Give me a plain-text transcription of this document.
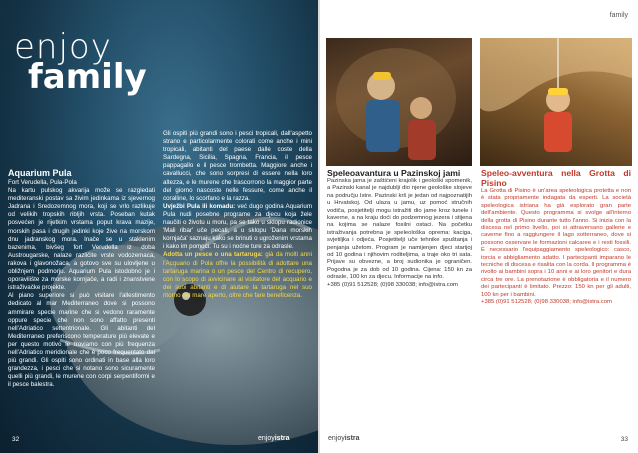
enjoy
family
Aquarium Pula
Fort Verudella, Pula-Pola
Na kartu pulskog akvarija može se razgledati mediteranski postav sa živim jedinkama iz sjevernog Jadrana i Sredozemnog mora, koji se vrlo razlikuje od velikih tropskih ribljih vrsta. Poseban kutak posvećen je rijetkim vrstama poput krava mazije, morskih pasa i drugih jedinki koje žive na morskom dnu jadranskog mora. Inače se u staklenim bazenima, bivšeg fort Verudella iz doba Austrougarske, nalaze različite vrste vodozemaca, rakova i glavonožaca, a gotovo sve su ulovljene u obližnjem podmorju. Aquarium Pula istodobno je i oporavilište za morske kornjače, a radi i znanstvene istraživačke projekte.
Al piano superiore si può visitare l'allestimento dedicato al mar Mediterraneo dove si possono ammirare specie marine che si vedono raramente oppure specie che non sono affatto presenti nell'Adriatico settentrionale. Gli abitanti del Mediterraneo preferiscono temperature più elevate e per questo motivo le troviamo con più frequenza nell'Adriatico meridionale che è poco frequentato dai più grandi. Gli ospiti sono ordinati in base alla loro grandezza, i pesci che si notano sono sicuramente quelli più grandi, le murene con corpi serpentiformi e il pesce balestra.
Gli ospiti più grandi sono i pesci tropicali, dall'aspetto strano e particolarmente colorati come anche i mini tropicali, abitanti del paese dalle coste della Sardegna, Sicilia, Spagna, Francia, il pesce pappagallo e il pesce trombetta. Maggiore anche i cavallucci, che sono sorpresi di essere nella loro altezza, e le murene che trascorrono la maggior parte del giorno nascoste nelle fessure, come anche il coralline, lo scorfano e la razza.
Uvježbi Pula ili komadu: već dugo godina Aquarium Pula nudi posebne programe za djecu koja žele naučiti o životu u moru, pa se tako u sklopu radionice 'Mali ribar' uče pecati, a u sklopu 'Dana morskih kornjača' saznaju kako se brinuti o ugroženim vrstama i kako im pomoći. Tu su i noćne ture za odrasle.
Adotta un pesce o una tartaruga: già da molti anni l'Acquario di Pola offre la possibilità di adottare una tartaruga marina o un pesce del Centro di recupero, con lo scopo di avvicinare al visitatore del acquario e dei suoi abitanti e di aiutare la tartaruga nel suo ritorno nel mare aperto, oltre che fare beneficenza.
32	enjoyistra
family
Speleoavantura u Pazinskoj jami
Pazinska jama je zaštićeni krajolik i geološki spomenik, a Pazinski kanal je najdublji dio njene geološke slojeve na području Istre. Pazinski krš je jedan od najpoznatijih u Hrvatskoj. Od ulaza u jamu, uz pomoć stručnih vodiča, posjetitelji mogu istražiti dio jame kroz tunele i kaverne, a na kraju doći do podzemnog jezera i stijena na kojima se nalaze fosilni ostaci. Na početku istraživanja potrebna je speleološka oprema: kaciga, svjetiljka i odjeća. Posjetitelji uče tehnike spuštanja i penjanja užetom. Program je namijenjen djeci starijoj od 10 godina i njihovim roditeljima, a traje oko tri sata. Prijave su obvezne, a broj sudionika je ograničen. Pogodna je za dob od 10 godina. Cijena: 150 kn za odrasle, 100 kn za djecu. Informacije na info.
+385 (0)91 512528; (0)98 330038; info@istra.com
Speleo-avventura nella Grotta di Pisino
La Grotta di Pisino è un'area speleologica protetta e non è stata propriamente indagata da esperti. La società speleologica istriana ha già esplorato gran parte dell'ambiente. Questo programma si svolge all'interno della grotta di Pisino durante tutto l'anno. Si inizia con la discesa nel primo livello, poi si attraversano gallerie e caverne fino a raggiungere il lago sotterraneo, dove si possono osservare le formazioni calcaree e i resti fossili. È necessario l'equipaggiamento speleologico: casco, torcia e abbigliamento adatto. I partecipanti imparano le tecniche di discesa e risalita con la corda. Il programma è rivolto ai bambini sopra i 10 anni e ai loro genitori e dura circa tre ore. La prenotazione è obbligatoria e il numero dei partecipanti è limitato. Prezzo: 150 kn per gli adulti, 100 kn per i bambini.
+385 (0)91 512528; (0)98 330038; info@istra.com
enjoyistra	33
